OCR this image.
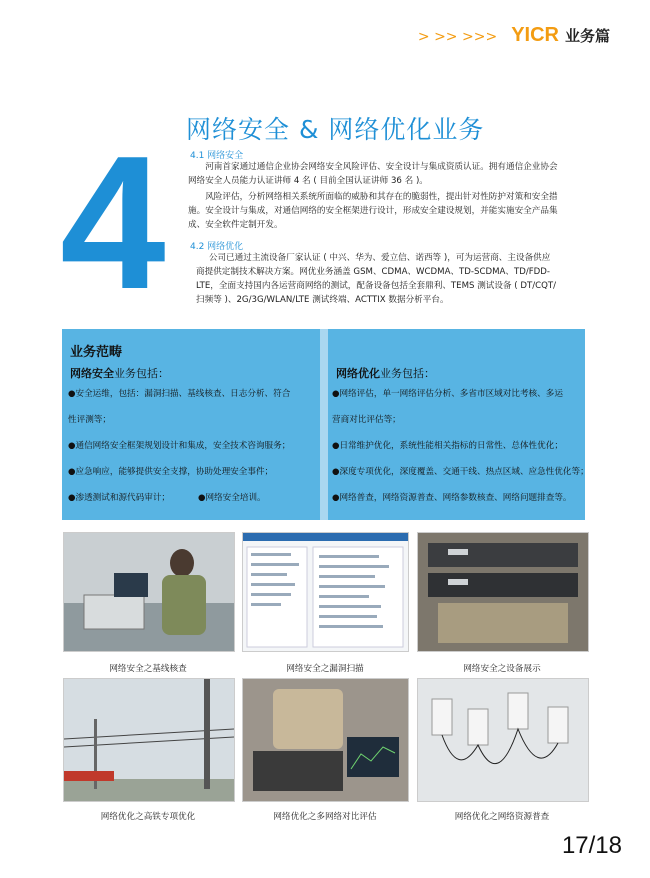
> >> >>> YICR 业务篇
4 网络安全 & 网络优化业务
4.1 网络安全
河南首家通过通信企业协会网络安全风险评估、安全设计与集成资质认证。拥有通信企业协会网络安全人员能力认证讲师 4 名 ( 目前全国认证讲师 36 名 )。
风险评估，分析网络相关系统所面临的威胁和其存在的脆弱性，提出针对性防护对策和安全措施。安全设计与集成，对通信网络的安全框架进行设计，形成安全建设规划，并能实施安全产品集成、安全软件定制开发。
4.2 网络优化
公司已通过主流设备厂家认证 ( 中兴、华为、爱立信、诺西等 )，可为运营商、主设备供应商提供定制技术解决方案。网优业务涵盖 GSM、CDMA、WCDMA、TD-SCDMA、TD/FDD-LTE，全面支持国内各运营商网络的测试，配备设备包括全套鼎利、TEMS 测试设备 ( DT/CQT/ 扫频等 )、2G/3G/WLAN/LTE 测试终端、ACTTIX 数据分析平台。
业务范畴
网络安全业务包括：
●安全运维，包括：漏洞扫描、基线核查、日志分析、符合
性评测等；
●通信网络安全框架规划设计和集成，安全技术咨询服务；
●应急响应，能够提供安全支撑，协助处理安全事件；
●渗透测试和源代码审计；	●网络安全培训。
网络优化业务包括：
●网络评估，单一网络评估分析、多省市区域对比考核、多运
营商对比评估等；
●日常维护优化，系统性能相关指标的日常性、总体性优化；
●深度专项优化，深度覆盖、交通干线、热点区域、应急性优化等；
●网络普查，网络资源普查、网络参数核查、网络问题排查等。
网络安全之基线核查	网络安全之漏洞扫描	网络安全之设备展示
网络优化之高铁专项优化	网络优化之多网络对比评估	网络优化之网络资源普查
17/18
